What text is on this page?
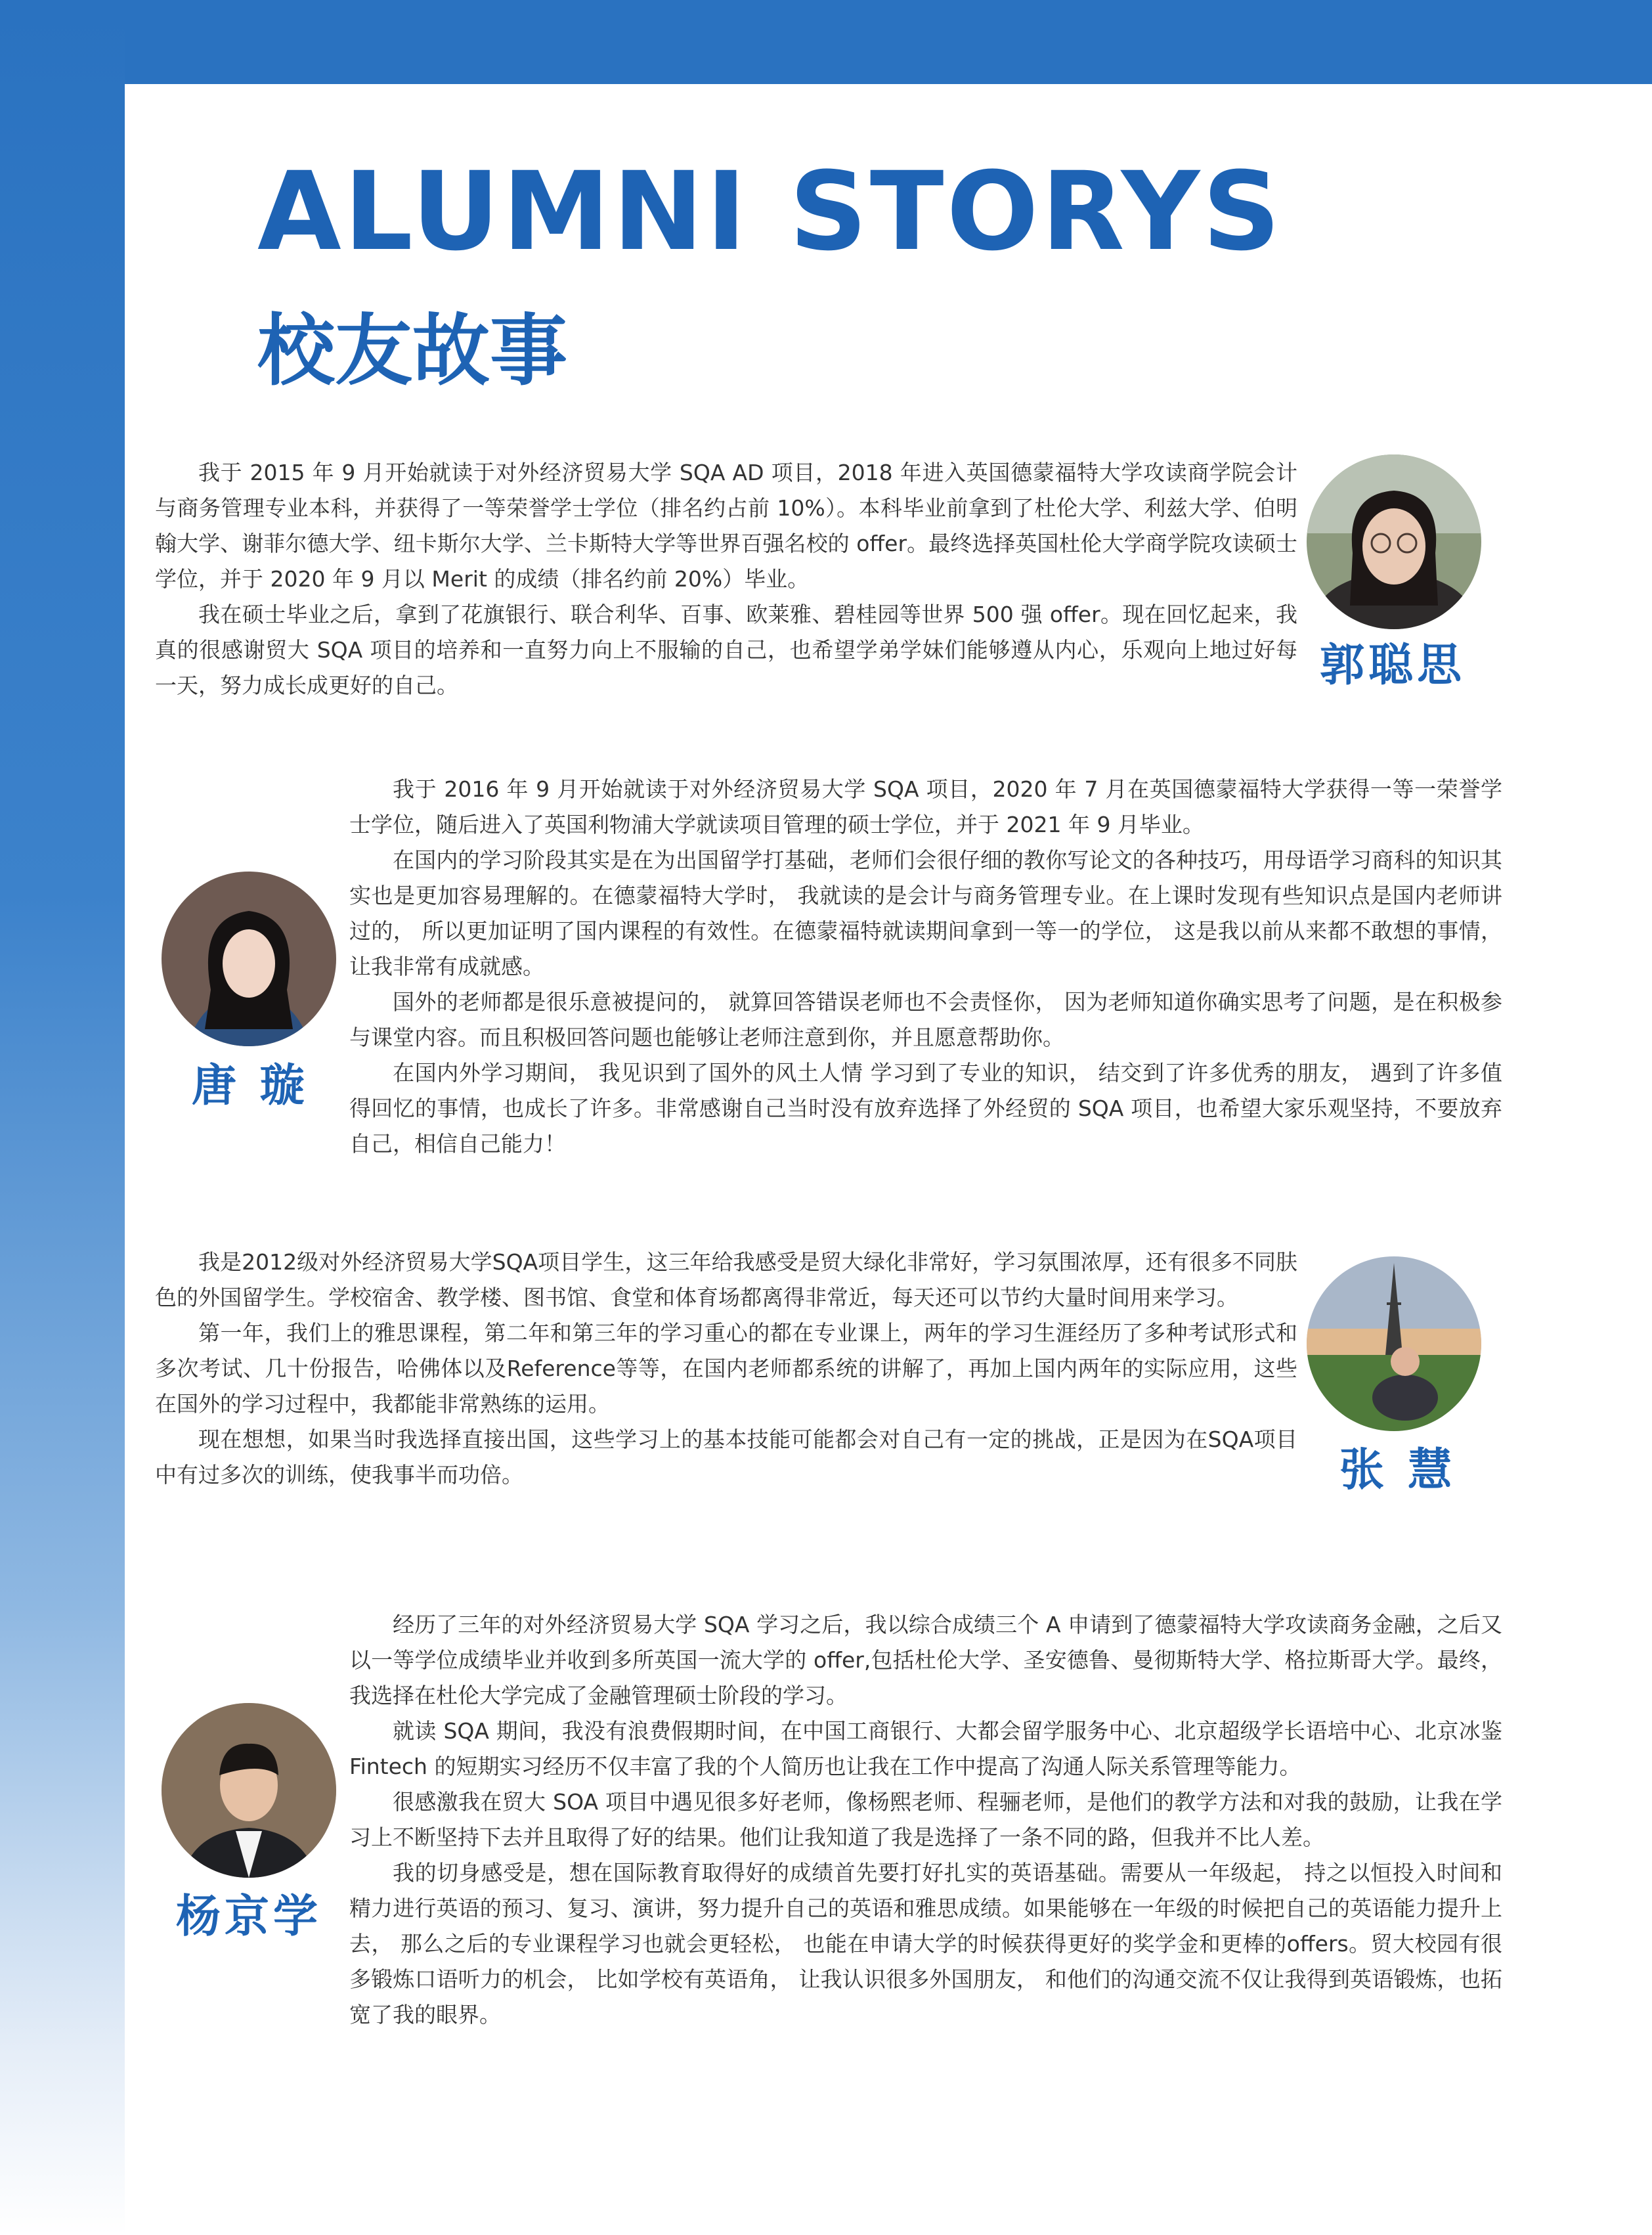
ALUMNI STORYS
校友故事

我于 2015 年 9 月开始就读于对外经济贸易大学 SQA AD 项目，2018 年进入英国德蒙福特大学攻读商学院会计与商务管理专业本科，并获得了一等荣誉学士学位（排名约占前 10%）。本科毕业前拿到了杜伦大学、利兹大学、伯明翰大学、谢菲尔德大学、纽卡斯尔大学、兰卡斯特大学等世界百强名校的 offer。最终选择英国杜伦大学商学院攻读硕士学位，并于 2020 年 9 月以 Merit 的成绩（排名约前 20%）毕业。

我在硕士毕业之后，拿到了花旗银行、联合利华、百事、欧莱雅、碧桂园等世界 500 强 offer。现在回忆起来，我真的很感谢贸大 SQA 项目的培养和一直努力向上不服输的自己，也希望学弟学妹们能够遵从内心，乐观向上地过好每一天，努力成长成更好的自己。	郭聪思

我于 2016 年 9 月开始就读于对外经济贸易大学 SQA 项目，2020 年 7 月在英国德蒙福特大学获得一等一荣誉学士学位，随后进入了英国利物浦大学就读项目管理的硕士学位，并于 2021 年 9 月毕业。

在国内的学习阶段其实是在为出国留学打基础，老师们会很仔细的教你写论文的各种技巧，用母语学习商科的知识其实也是更加容易理解的。在德蒙福特大学时， 我就读的是会计与商务管理专业。在上课时发现有些知识点是国内老师讲过的， 所以更加证明了国内课程的有效性。在德蒙福特就读期间拿到一等一的学位， 这是我以前从来都不敢想的事情，让我非常有成就感。

国外的老师都是很乐意被提问的， 就算回答错误老师也不会责怪你， 因为老师知道你确实思考了问题，是在积极参与课堂内容。而且积极回答问题也能够让老师注意到你，并且愿意帮助你。

在国内外学习期间， 我见识到了国外的风土人情 学习到了专业的知识， 结交到了许多优秀的朋友， 遇到了许多值得回忆的事情，也成长了许多。非常感谢自己当时没有放弃选择了外经贸的 SQA 项目，也希望大家乐观坚持，不要放弃自己，相信自己能力！

唐 璇

我是2012级对外经济贸易大学SQA项目学生，这三年给我感受是贸大绿化非常好，学习氛围浓厚，还有很多不同肤色的外国留学生。学校宿舍、教学楼、图书馆、食堂和体育场都离得非常近，每天还可以节约大量时间用来学习。

第一年，我们上的雅思课程，第二年和第三年的学习重心的都在专业课上，两年的学习生涯经历了多种考试形式和多次考试、几十份报告，哈佛体以及Reference等等，在国内老师都系统的讲解了，再加上国内两年的实际应用，这些在国外的学习过程中，我都能非常熟练的运用。

现在想想，如果当时我选择直接出国，这些学习上的基本技能可能都会对自己有一定的挑战，正是因为在SQA项目中有过多次的训练，使我事半而功倍。	张 慧

经历了三年的对外经济贸易大学 SQA 学习之后，我以综合成绩三个 A 申请到了德蒙福特大学攻读商务金融，之后又以一等学位成绩毕业并收到多所英国一流大学的 offer,包括杜伦大学、圣安德鲁、曼彻斯特大学、格拉斯哥大学。最终，我选择在杜伦大学完成了金融管理硕士阶段的学习。

就读 SQA 期间，我没有浪费假期时间，在中国工商银行、大都会留学服务中心、北京超级学长语培中心、北京冰鉴 Fintech 的短期实习经历不仅丰富了我的个人简历也让我在工作中提高了沟通人际关系管理等能力。

很感激我在贸大 SOA 项目中遇见很多好老师，像杨熙老师、程骊老师，是他们的教学方法和对我的鼓励，让我在学习上不断坚持下去并且取得了好的结果。他们让我知道了我是选择了一条不同的路，但我并不比人差。

我的切身感受是，想在国际教育取得好的成绩首先要打好扎实的英语基础。需要从一年级起， 持之以恒投入时间和精力进行英语的预习、复习、演讲，努力提升自己的英语和雅思成绩。如果能够在一年级的时候把自己的英语能力提升上去， 那么之后的专业课程学习也就会更轻松， 也能在申请大学的时候获得更好的奖学金和更棒的offers。贸大校园有很多锻炼口语听力的机会， 比如学校有英语角， 让我认识很多外国朋友， 和他们的沟通交流不仅让我得到英语锻炼，也拓宽了我的眼界。

杨京学
